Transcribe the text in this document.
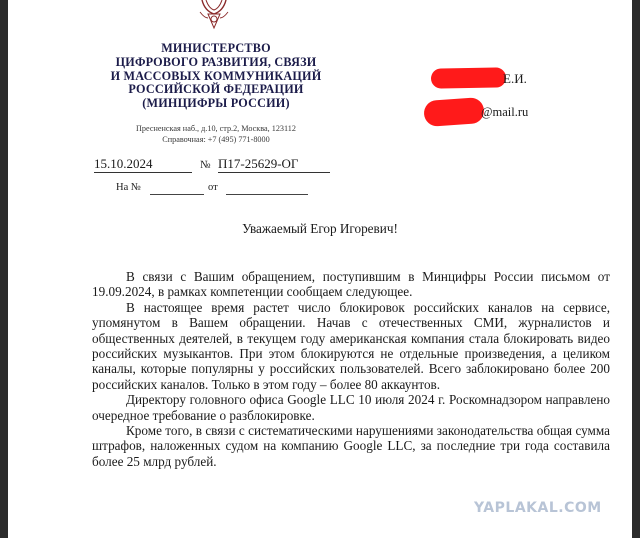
МИНИСТЕРСТВО
ЦИФРОВОГО РАЗВИТИЯ, СВЯЗИ
И МАССОВЫХ КОММУНИКАЦИЙ
РОССИЙСКОЙ ФЕДЕРАЦИИ
(МИНЦИФРЫ РОССИИ)
Пресненская наб., д.10, стр.2, Москва, 123112
Справочная: +7 (495) 771-8000
15.10.2024	№ П17-25629-ОГ
На №	от
Е.И.
@mail.ru
Уважаемый Егор Игоревич!

В связи с Вашим обращением, поступившим в Минцифры России письмом от 19.09.2024, в рамках компетенции сообщаем следующее.

В настоящее время растет число блокировок российских каналов на сервисе, упомянутом в Вашем обращении. Начав с отечественных СМИ, журналистов и общественных деятелей, в текущем году американская компания стала блокировать видео российских музыкантов. При этом блокируются не отдельные произведения, а целиком каналы, которые популярны у российских пользователей. Всего заблокировано более 200 российских каналов. Только в этом году – более 80 аккаунтов.

Директору головного офиса Google LLC 10 июля 2024 г. Роскомнадзором направлено очередное требование о разблокировке.

Кроме того, в связи с систематическими нарушениями законодательства общая сумма штрафов, наложенных судом на компанию Google LLC, за последние три года составила более 25 млрд рублей.

YAPLAKAL.COM
